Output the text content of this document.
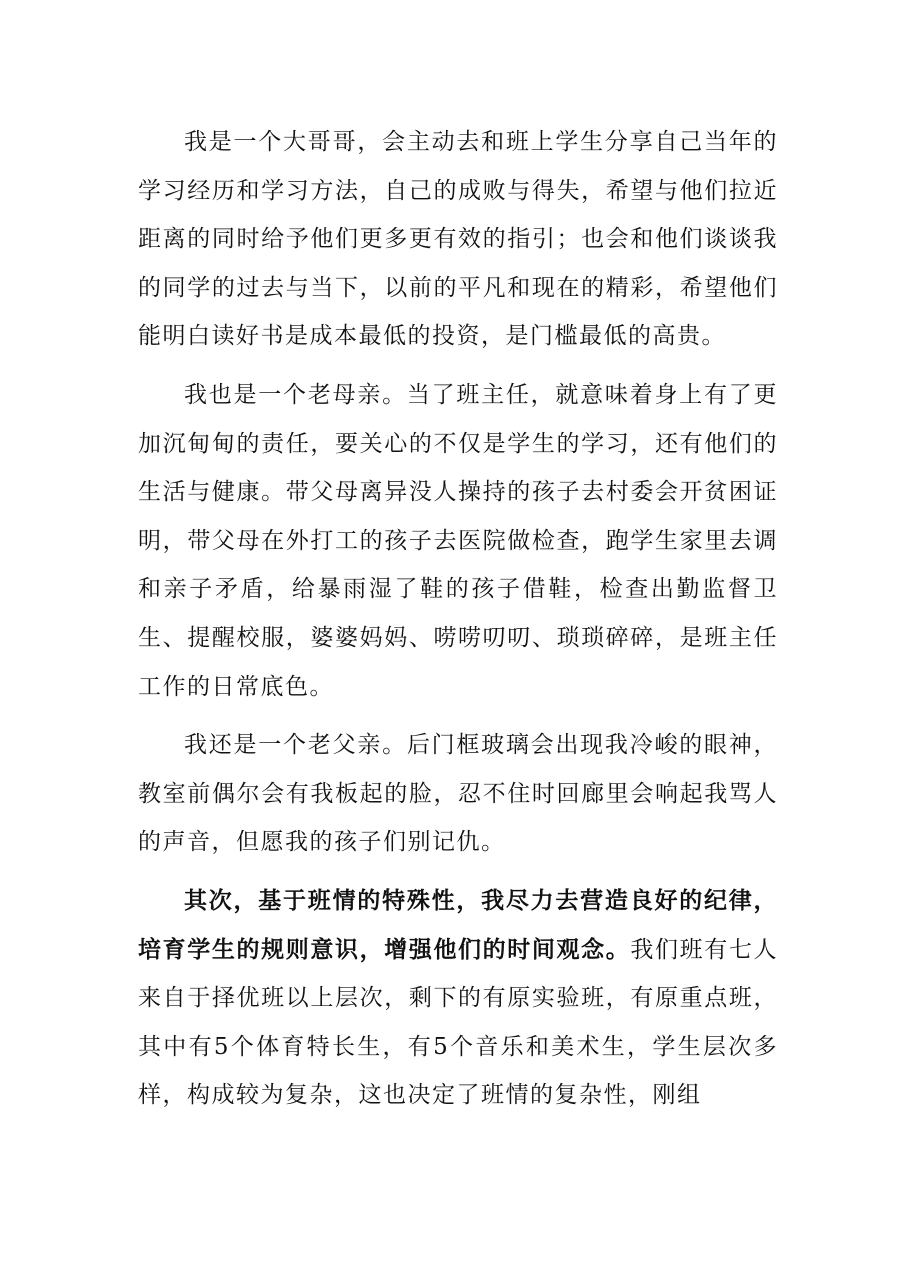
我是一个大哥哥，会主动去和班上学生分享自己当年的学习经历和学习方法，自己的成败与得失，希望与他们拉近距离的同时给予他们更多更有效的指引；也会和他们谈谈我的同学的过去与当下，以前的平凡和现在的精彩，希望他们能明白读好书是成本最低的投资，是门槛最低的高贵。

我也是一个老母亲。当了班主任，就意味着身上有了更加沉甸甸的责任，要关心的不仅是学生的学习，还有他们的生活与健康。带父母离异没人操持的孩子去村委会开贫困证明，带父母在外打工的孩子去医院做检查，跑学生家里去调和亲子矛盾，给暴雨湿了鞋的孩子借鞋，检查出勤监督卫生、提醒校服，婆婆妈妈、唠唠叨叨、琐琐碎碎，是班主任工作的日常底色。

我还是一个老父亲。后门框玻璃会出现我冷峻的眼神，教室前偶尔会有我板起的脸，忍不住时回廊里会响起我骂人的声音，但愿我的孩子们别记仇。

其次，基于班情的特殊性，我尽力去营造良好的纪律，培育学生的规则意识，增强他们的时间观念。我们班有七人来自于择优班以上层次，剩下的有原实验班，有原重点班，其中有5个体育特长生，有5个音乐和美术生，学生层次多样，构成较为复杂，这也决定了班情的复杂性，刚组
